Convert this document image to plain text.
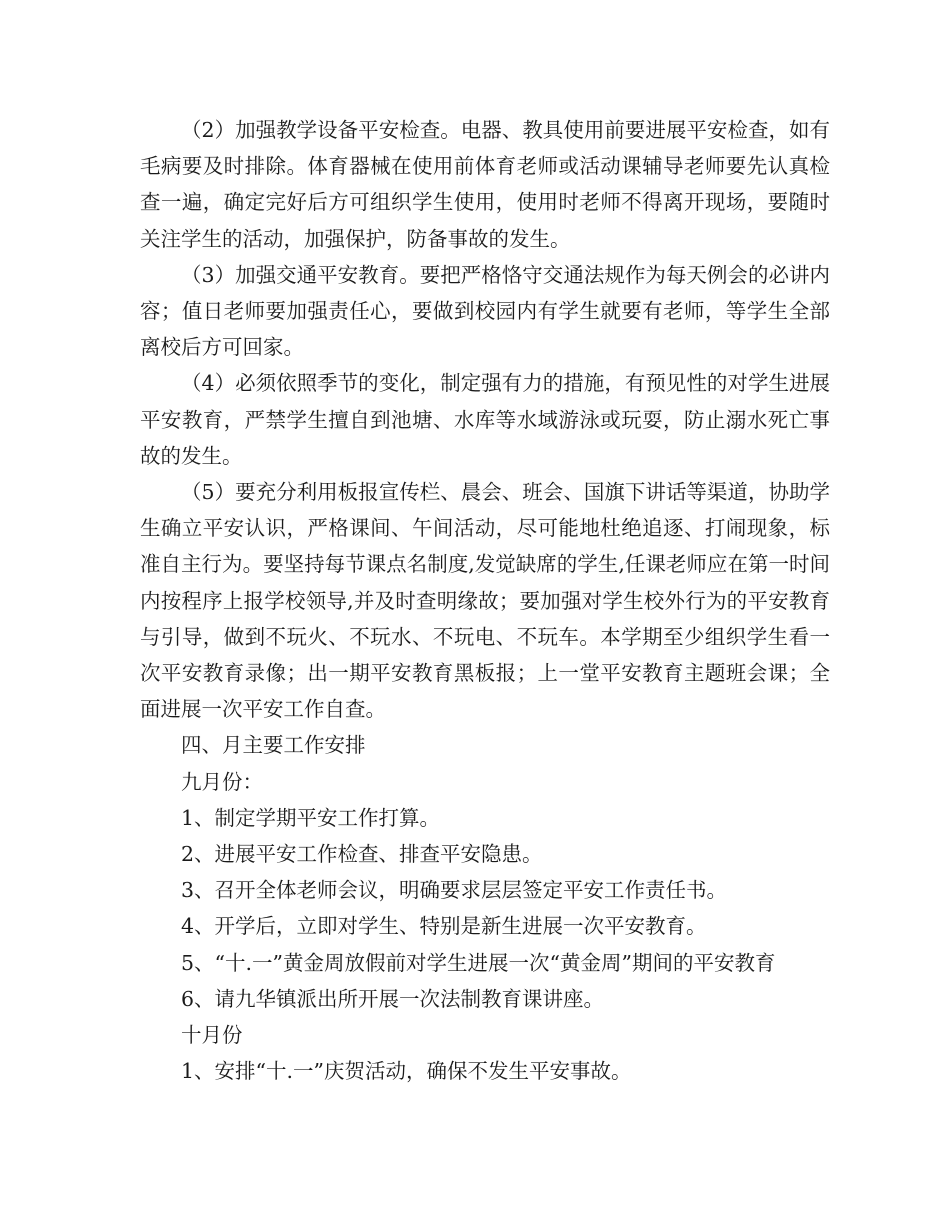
（2）加强教学设备平安检查。电器、教具使用前要进展平安检查，如有毛病要及时排除。体育器械在使用前体育老师或活动课辅导老师要先认真检查一遍，确定完好后方可组织学生使用，使用时老师不得离开现场，要随时关注学生的活动，加强保护，防备事故的发生。

（3）加强交通平安教育。要把严格恪守交通法规作为每天例会的必讲内容；值日老师要加强责任心，要做到校园内有学生就要有老师，等学生全部离校后方可回家。

（4）必须依照季节的变化，制定强有力的措施，有预见性的对学生进展平安教育，严禁学生擅自到池塘、水库等水域游泳或玩耍，防止溺水死亡事故的发生。

（5）要充分利用板报宣传栏、晨会、班会、国旗下讲话等渠道，协助学生确立平安认识，严格课间、午间活动，尽可能地杜绝追逐、打闹现象，标准自主行为。要坚持每节课点名制度,发觉缺席的学生,任课老师应在第一时间内按程序上报学校领导,并及时查明缘故；要加强对学生校外行为的平安教育与引导，做到不玩火、不玩水、不玩电、不玩车。本学期至少组织学生看一次平安教育录像；出一期平安教育黑板报；上一堂平安教育主题班会课；全面进展一次平安工作自查。

四、月主要工作安排

九月份：

1、制定学期平安工作打算。

2、进展平安工作检查、排查平安隐患。

3、召开全体老师会议，明确要求层层签定平安工作责任书。

4、开学后，立即对学生、特别是新生进展一次平安教育。

5、“十.一”黄金周放假前对学生进展一次“黄金周”期间的平安教育

6、请九华镇派出所开展一次法制教育课讲座。

十月份

1、安排“十.一”庆贺活动，确保不发生平安事故。
